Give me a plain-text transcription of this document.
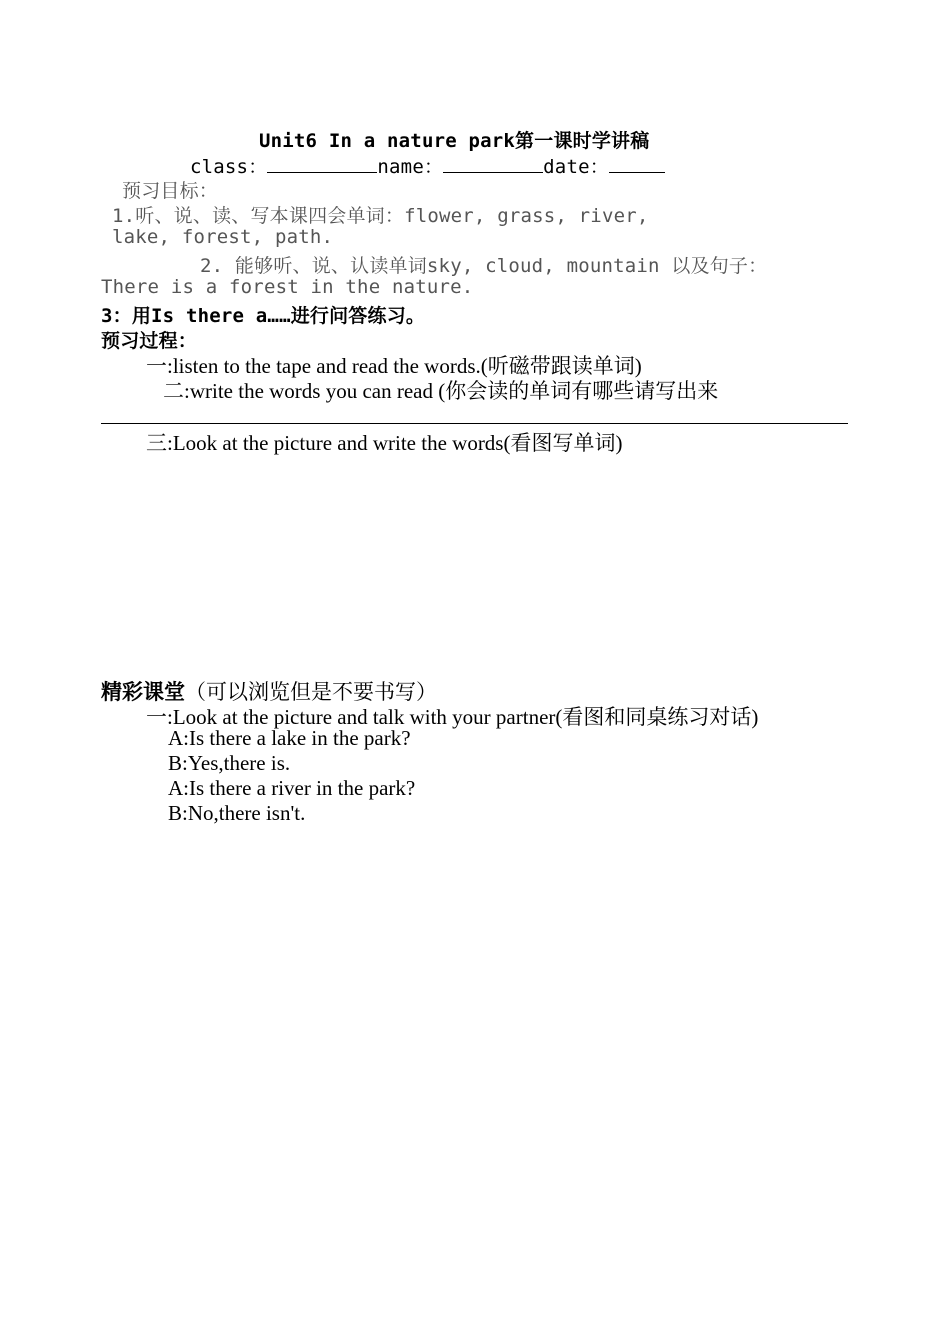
Unit6 In a nature park第一课时学讲稿
class：	name：	date：
预习目标：
1.听、说、读、写本课四会单词：flower, grass, river,
lake, forest, path.
2. 能够听、说、认读单词sky, cloud, mountain 以及句子：
There is a forest in the nature.
3：用Is there a……进行问答练习。
预习过程：
一:listen to the tape and read the words.(听磁带跟读单词)
二:write the words you can read (你会读的单词有哪些请写出来
三:Look at the picture and write the words(看图写单词)
精彩课堂（可以浏览但是不要书写）
一:Look at the picture and talk with your partner(看图和同桌练习对话)
A:Is there a lake in the park?
B:Yes,there is.
A:Is there a river in the park?
B:No,there isn't.
